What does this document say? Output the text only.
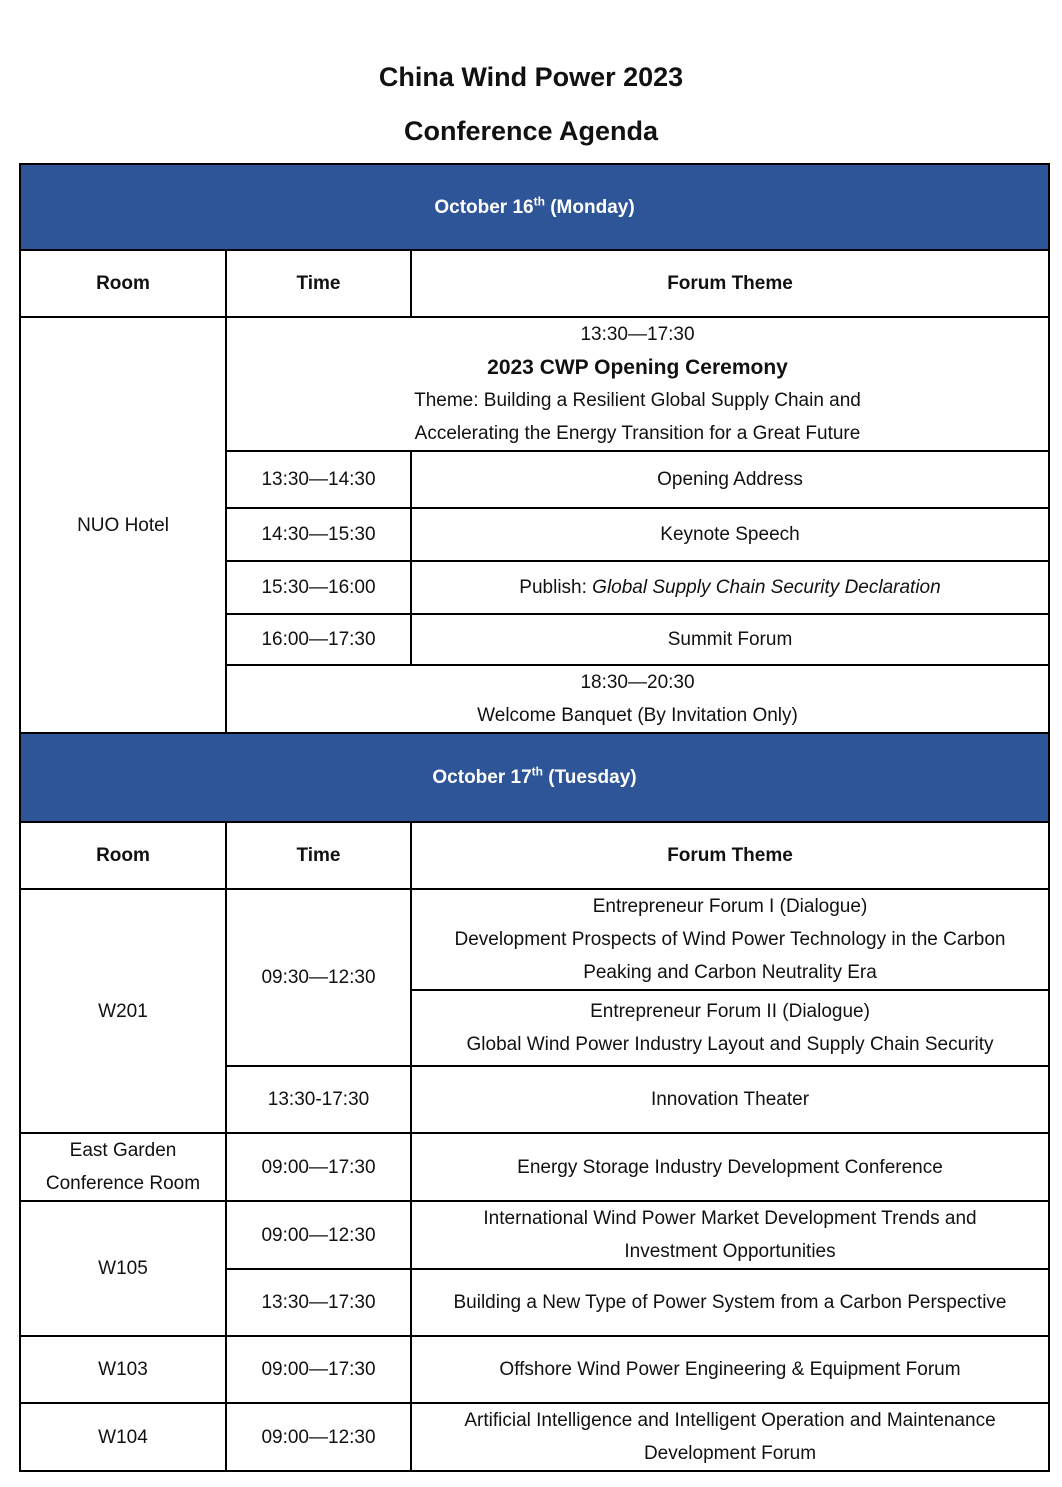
China Wind Power 2023
Conference Agenda
October 16th (Monday)		
Room	Time	Forum Theme
NUO Hotel	13:30—17:30
2023 CWP Opening Ceremony
Theme: Building a Resilient Global Supply Chain and
Accelerating the Energy Transition for a Great Future	

	13:30—14:30	Opening Address
	14:30—15:30	Keynote Speech
	15:30—16:00	Publish: Global Supply Chain Security Declaration
	16:00—17:30	Summit Forum

	18:30—20:30
Welcome Banquet (By Invitation Only)	

October 17th (Tuesday)		
Room	Time	Forum Theme
W201	09:30—12:30	Entrepreneur Forum I (Dialogue)
Development Prospects of Wind Power Technology in the Carbon
Peaking and Carbon Neutrality Era

		Entrepreneur Forum II (Dialogue)
Global Wind Power Industry Layout and Supply Chain Security

	13:30-17:30	Innovation Theater

East Garden
Conference Room	09:00—17:30	Energy Storage Industry Development Conference
W105	09:00—12:30	International Wind Power Market Development Trends and
Investment Opportunities

	13:30—17:30	Building a New Type of Power System from a Carbon Perspective
W103	09:00—17:30	Offshore Wind Power Engineering & Equipment Forum
W104	09:00—12:30	Artificial Intelligence and Intelligent Operation and Maintenance
Development Forum
